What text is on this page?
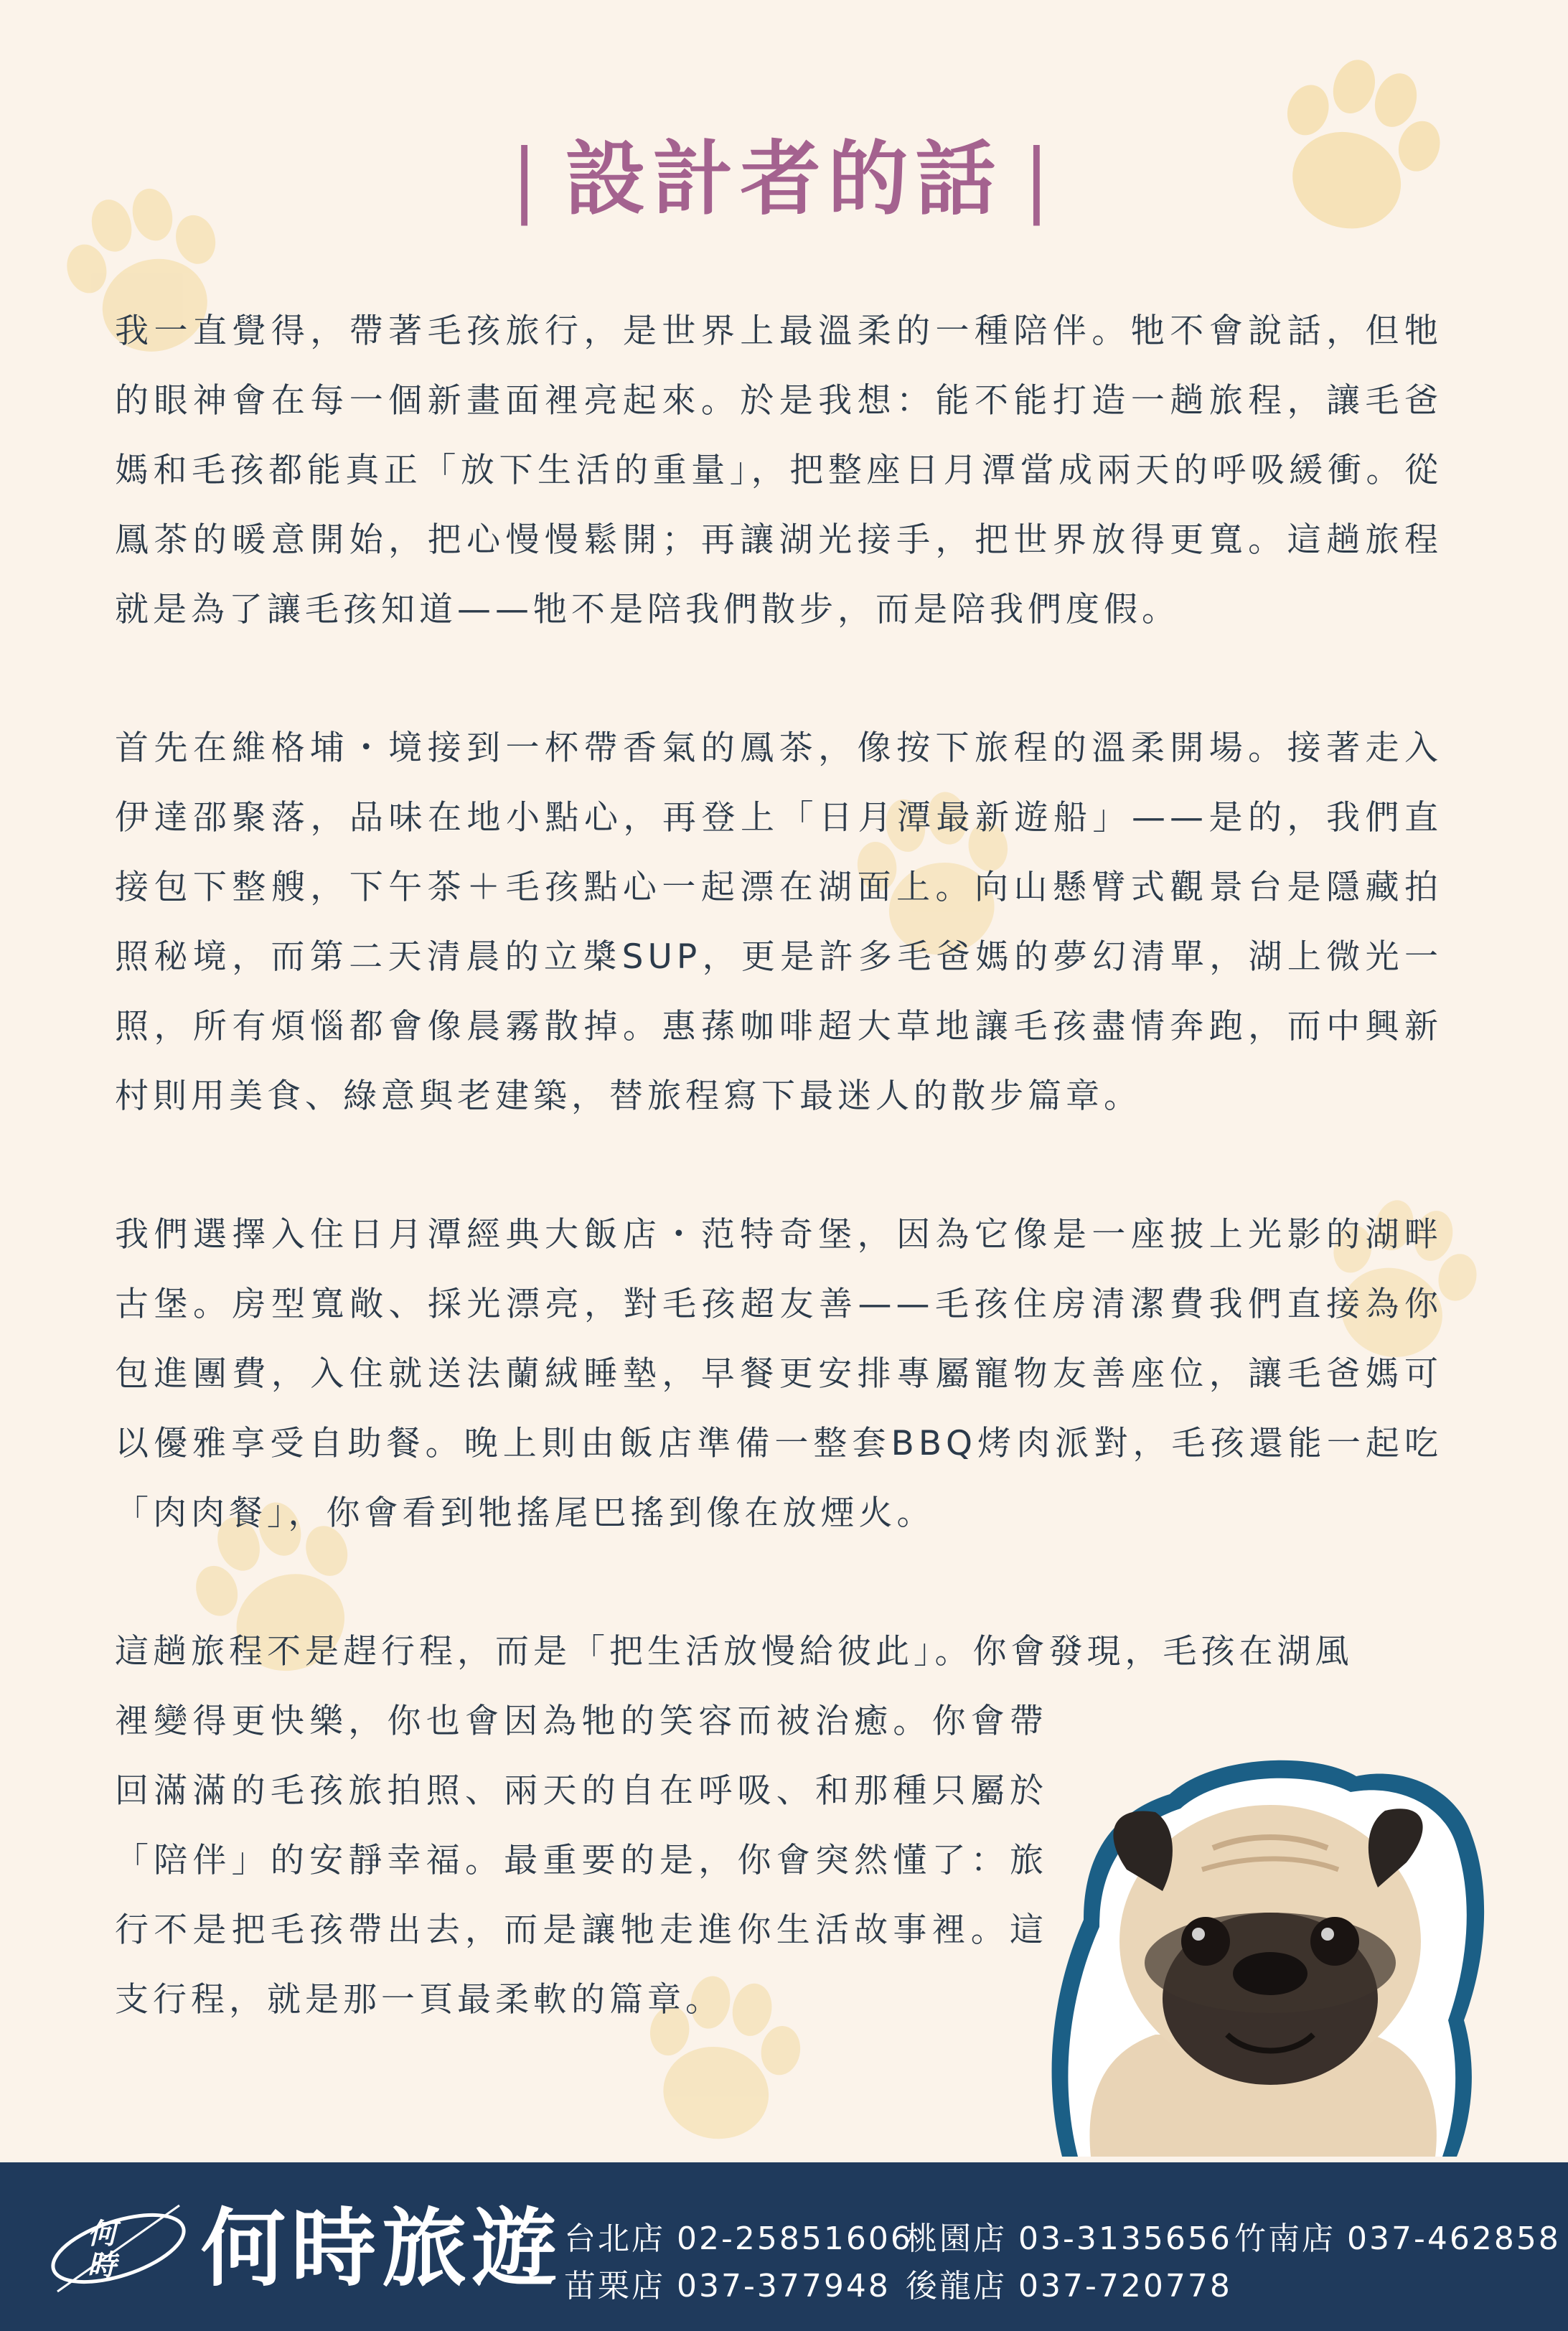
| 設計者的話 |

我一直覺得，帶著毛孩旅行，是世界上最溫柔的一種陪伴。牠不會說話，但牠的眼神會在每一個新畫面裡亮起來。於是我想：能不能打造一趟旅程，讓毛爸媽和毛孩都能真正「放下生活的重量」，把整座日月潭當成兩天的呼吸緩衝。從鳳茶的暖意開始，把心慢慢鬆開；再讓湖光接手，把世界放得更寬。這趟旅程就是為了讓毛孩知道——牠不是陪我們散步，而是陪我們度假。

首先在維格埔・境接到一杯帶香氣的鳳茶，像按下旅程的溫柔開場。接著走入伊達邵聚落，品味在地小點心，再登上「日月潭最新遊船」——是的，我們直接包下整艘，下午茶＋毛孩點心一起漂在湖面上。向山懸臂式觀景台是隱藏拍照秘境，而第二天清晨的立槳SUP，更是許多毛爸媽的夢幻清單，湖上微光一照，所有煩惱都會像晨霧散掉。惠蓀咖啡超大草地讓毛孩盡情奔跑，而中興新村則用美食、綠意與老建築，替旅程寫下最迷人的散步篇章。

我們選擇入住日月潭經典大飯店・范特奇堡，因為它像是一座披上光影的湖畔古堡。房型寬敞、採光漂亮，對毛孩超友善——毛孩住房清潔費我們直接為你包進團費，入住就送法蘭絨睡墊，早餐更安排專屬寵物友善座位，讓毛爸媽可以優雅享受自助餐。晚上則由飯店準備一整套BBQ烤肉派對，毛孩還能一起吃「肉肉餐」，你會看到牠搖尾巴搖到像在放煙火。

這趟旅程不是趕行程，而是「把生活放慢給彼此」。你會發現，毛孩在湖風

裡變得更快樂，你也會因為牠的笑容而被治癒。你會帶回滿滿的毛孩旅拍照、兩天的自在呼吸、和那種只屬於「陪伴」的安靜幸福。最重要的是，你會突然懂了：旅行不是把毛孩帶出去，而是讓牠走進你生活故事裡。這支行程，就是那一頁最柔軟的篇章。

何時 何時旅遊 台北店 02-25851606
桃園店 03-3135656 竹南店 037-462858
苗栗店 037-377948 後龍店 037-720778
